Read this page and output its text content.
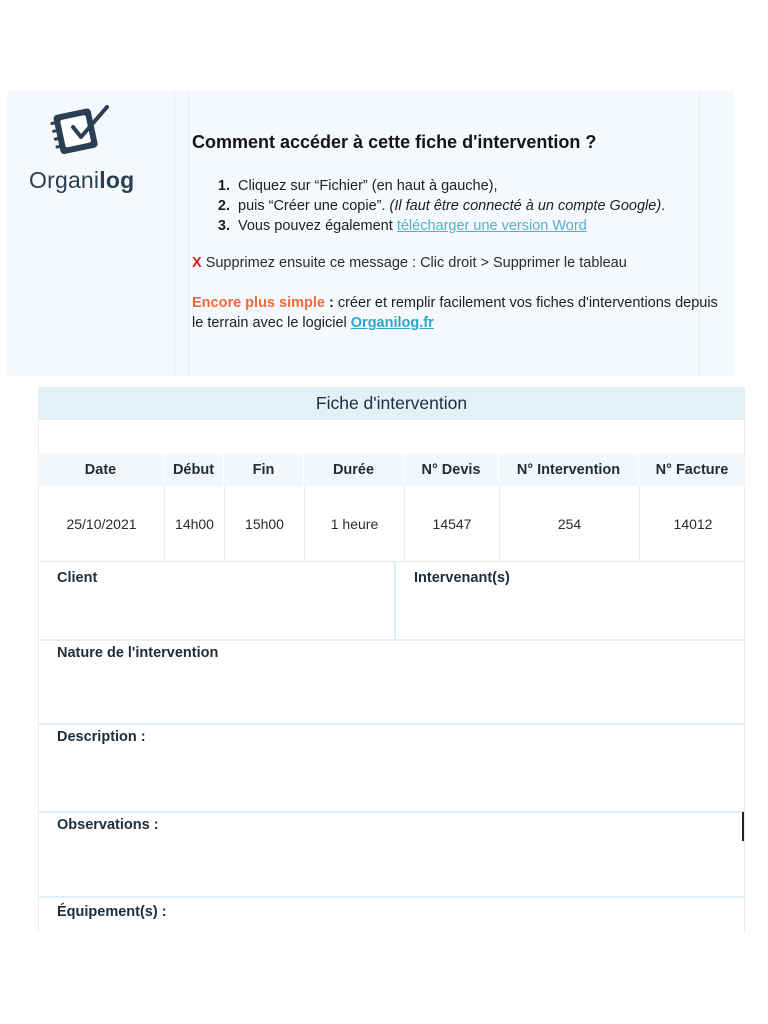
Organilog
Comment accéder à cette fiche d'intervention ?
1. Cliquez sur “Fichier” (en haut à gauche),
2. puis “Créer une copie”. (Il faut être connecté à un compte Google).
3. Vous pouvez également télécharger une version Word
X Supprimez ensuite ce message : Clic droit > Supprimer le tableau
Encore plus simple : créer et remplir facilement vos fiches d'interventions depuis le terrain avec le logiciel Organilog.fr
Fiche d'intervention
Date	Début	Fin	Durée	N° Devis	N° Intervention	N° Facture
25/10/2021	14h00	15h00	1 heure	14547	254	14012
Client	Intervenant(s)
Nature de l'intervention
Description :
Observations :
Équipement(s) :
